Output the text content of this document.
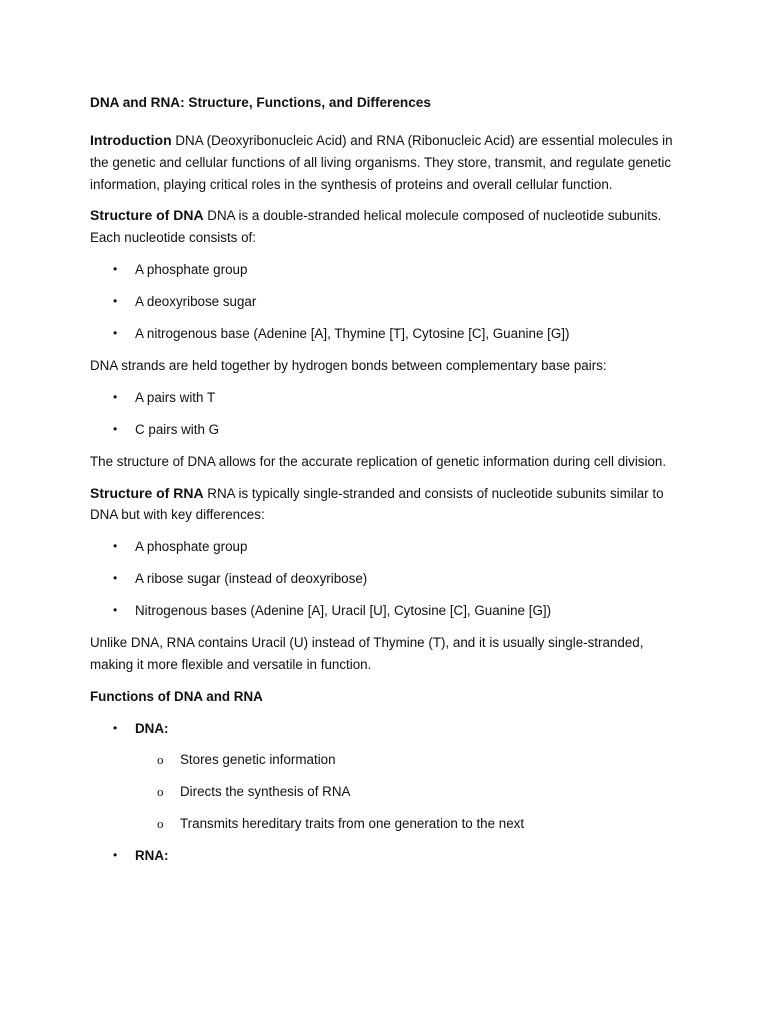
DNA and RNA: Structure, Functions, and Differences

Introduction DNA (Deoxyribonucleic Acid) and RNA (Ribonucleic Acid) are essential molecules in the genetic and cellular functions of all living organisms. They store, transmit, and regulate genetic information, playing critical roles in the synthesis of proteins and overall cellular function.

Structure of DNA DNA is a double-stranded helical molecule composed of nucleotide subunits. Each nucleotide consists of:

• A phosphate group
• A deoxyribose sugar
• A nitrogenous base (Adenine [A], Thymine [T], Cytosine [C], Guanine [G])

DNA strands are held together by hydrogen bonds between complementary base pairs:

• A pairs with T
• C pairs with G

The structure of DNA allows for the accurate replication of genetic information during cell division.

Structure of RNA RNA is typically single-stranded and consists of nucleotide subunits similar to DNA but with key differences:

• A phosphate group
• A ribose sugar (instead of deoxyribose)
• Nitrogenous bases (Adenine [A], Uracil [U], Cytosine [C], Guanine [G])

Unlike DNA, RNA contains Uracil (U) instead of Thymine (T), and it is usually single-stranded, making it more flexible and versatile in function.

Functions of DNA and RNA
• DNA:
o Stores genetic information
o Directs the synthesis of RNA
o Transmits hereditary traits from one generation to the next
• RNA:
